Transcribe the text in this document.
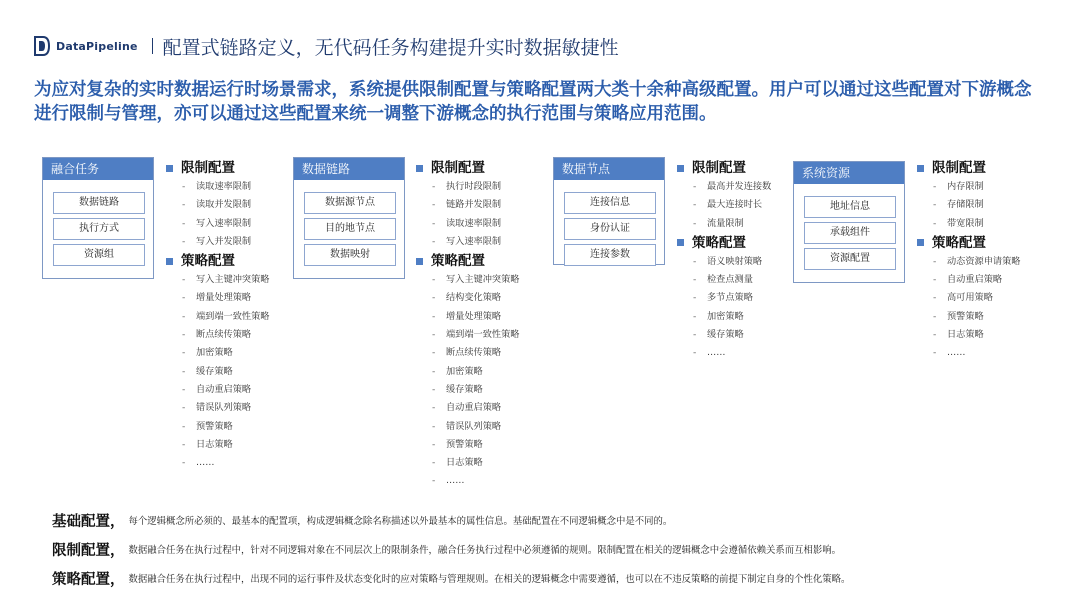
DataPipeline 配置式链路定义，无代码任务构建提升实时数据敏捷性
为应对复杂的实时数据运行时场景需求，系统提供限制配置与策略配置两大类十余种高级配置。用户可以通过这些配置对下游概念进行限制与管理，亦可以通过这些配置来统一调整下游概念的执行范围与策略应用范围。
融合任务
数据链路
执行方式
资源组
限制配置
- 读取速率限制
- 读取并发限制
- 写入速率限制
- 写入并发限制
策略配置
- 写入主键冲突策略
- 增量处理策略
- 端到端一致性策略
- 断点续传策略
- 加密策略
- 缓存策略
- 自动重启策略
- 错误队列策略
- 预警策略
- 日志策略
- ……
数据链路
数据源节点
目的地节点
数据映射
限制配置
- 执行时段限制
- 链路并发限制
- 读取速率限制
- 写入速率限制
策略配置
- 写入主键冲突策略
- 结构变化策略
- 增量处理策略
- 端到端一致性策略
- 断点续传策略
- 加密策略
- 缓存策略
- 自动重启策略
- 错误队列策略
- 预警策略
- 日志策略
- ……
数据节点
连接信息
身份认证
连接参数
限制配置
- 最高并发连接数
- 最大连接时长
- 流量限制
策略配置
- 语义映射策略
- 检查点测量
- 多节点策略
- 加密策略
- 缓存策略
- ……
系统资源
地址信息
承载组件
资源配置
限制配置
- 内存限制
- 存储限制
- 带宽限制
策略配置
- 动态资源申请策略
- 自动重启策略
- 高可用策略
- 预警策略
- 日志策略
- ……
基础配置， 每个逻辑概念所必须的、最基本的配置项，构成逻辑概念除名称描述以外最基本的属性信息。基础配置在不同逻辑概念中是不同的。
限制配置， 数据融合任务在执行过程中，针对不同逻辑对象在不同层次上的限制条件，融合任务执行过程中必须遵循的规则。限制配置在相关的逻辑概念中会遵循依赖关系而互相影响。
策略配置， 数据融合任务在执行过程中，出现不同的运行事件及状态变化时的应对策略与管理规则。在相关的逻辑概念中需要遵循，也可以在不违反策略的前提下制定自身的个性化策略。
